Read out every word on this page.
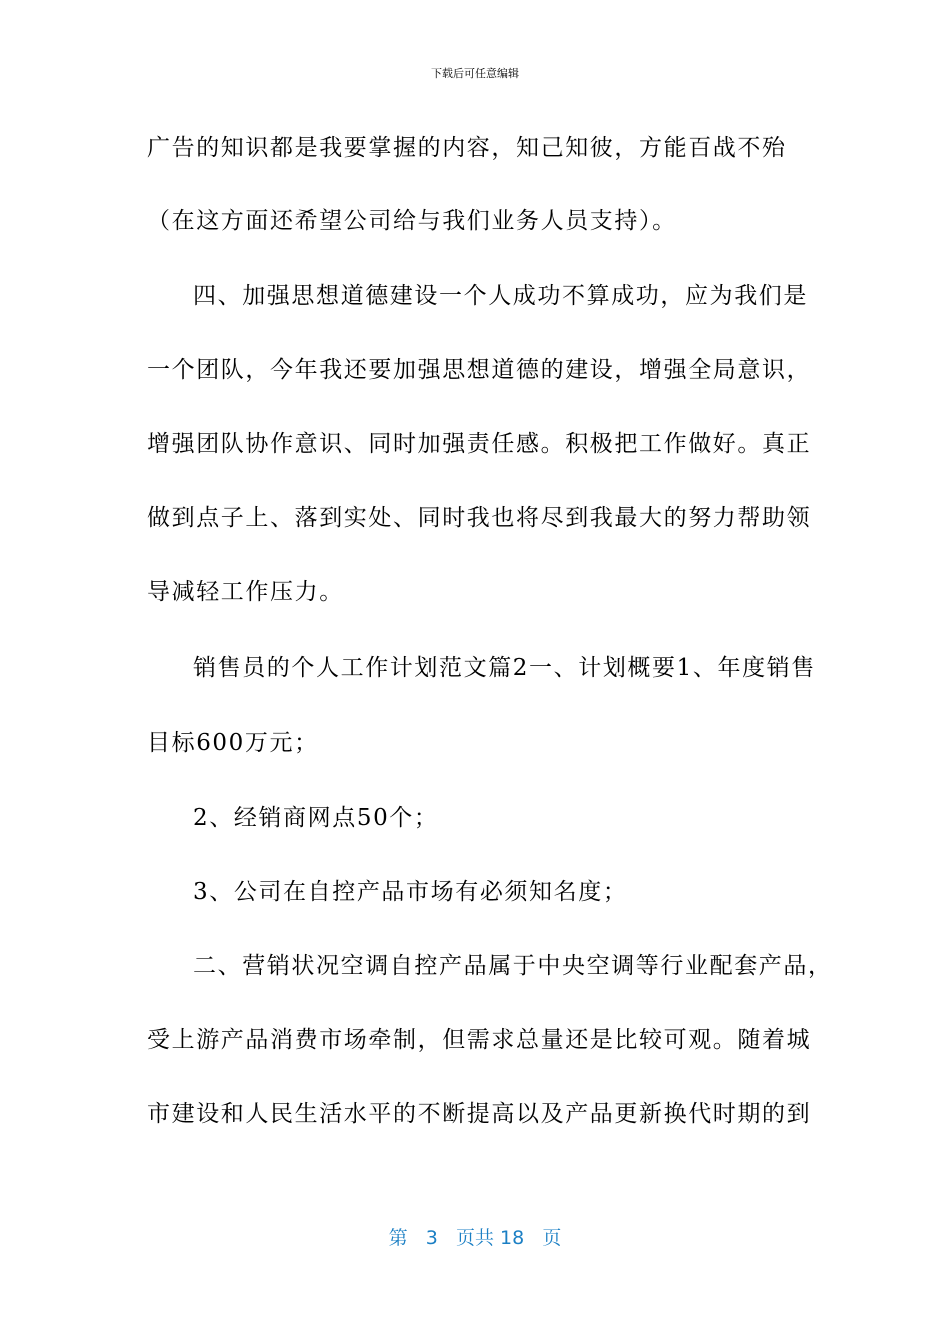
下载后可任意编辑
广告的知识都是我要掌握的内容，知己知彼，方能百战不殆
（在这方面还希望公司给与我们业务人员支持）。
四、加强思想道德建设一个人成功不算成功，应为我们是
一个团队，今年我还要加强思想道德的建设，增强全局意识，
增强团队协作意识、同时加强责任感。积极把工作做好。真正
做到点子上、落到实处、同时我也将尽到我最大的努力帮助领
导减轻工作压力。
销售员的个人工作计划范文篇2一、计划概要1、年度销售
目标600万元；
2、经销商网点50个；
3、公司在自控产品市场有必须知名度；
二、营销状况空调自控产品属于中央空调等行业配套产品，
受上游产品消费市场牵制，但需求总量还是比较可观。随着城
市建设和人民生活水平的不断提高以及产品更新换代时期的到
第 3 页共 18 页
